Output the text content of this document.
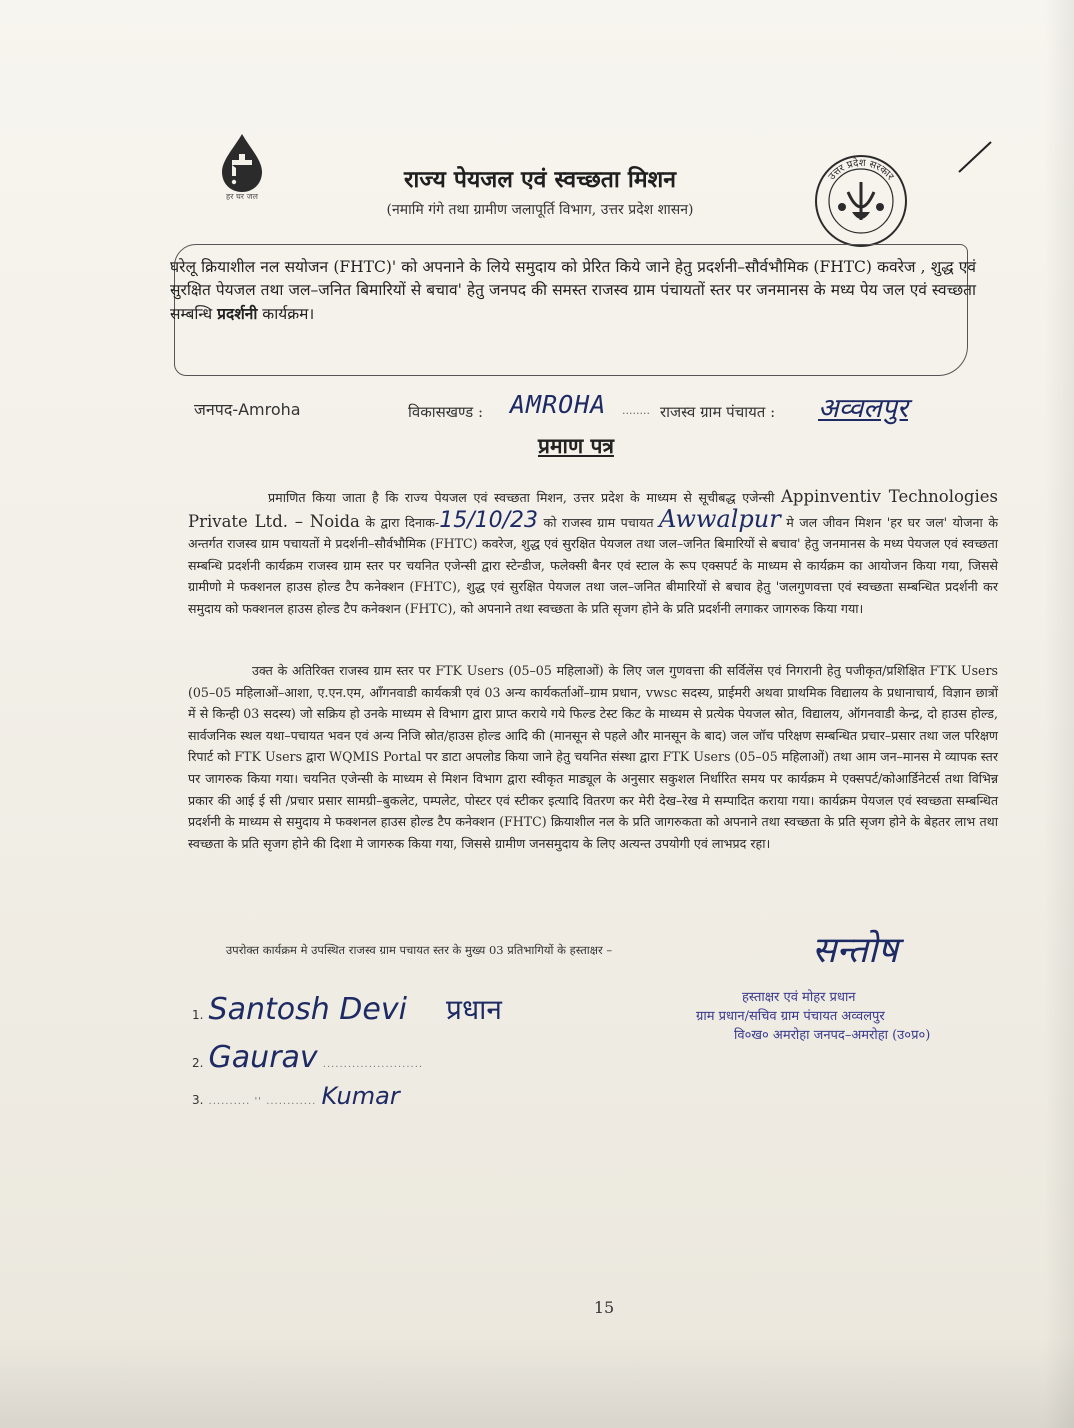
हर घर जल
राज्य पेयजल एवं स्वच्छता मिशन
(नमामि गंगे तथा ग्रामीण जलापूर्ति विभाग, उत्तर प्रदेश शासन)
उत्तर प्रदेश सरकार
घरेलू क्रियाशील नल सयोजन (FHTC)' को अपनाने के लिये समुदाय को प्रेरित किये जाने हेतु प्रदर्शनी–सौर्वभौमिक (FHTC) कवरेज , शुद्ध एवं सुरक्षित पेयजल तथा जल–जनित बिमारियों से बचाव' हेतु जनपद की समस्त राजस्व ग्राम पंचायतों स्तर पर जनमानस के मध्य पेय जल एवं स्वच्छता सम्बन्धि प्रदर्शनी कार्यक्रम।
जनपद-Amroha	विकासखण्ड : AMROHA ........ राजस्व ग्राम पंचायत : अव्वलपुर
प्रमाण पत्र
प्रमाणित किया जाता है कि राज्य पेयजल एवं स्वच्छता मिशन, उत्तर प्रदेश के माध्यम से सूचीबद्ध एजेन्सी Appinventiv Technologies Private Ltd. – Noida के द्वारा दिनाक-15/10/23 को राजस्व ग्राम पचायत Awwalpur मे जल जीवन मिशन 'हर घर जल' योजना के अन्तर्गत राजस्व ग्राम पचायतों मे प्रदर्शनी–सौर्वभौमिक (FHTC) कवरेज, शुद्ध एवं सुरक्षित पेयजल तथा जल–जनित बिमारियों से बचाव' हेतु जनमानस के मध्य पेयजल एवं स्वच्छता सम्बन्धि प्रदर्शनी कार्यक्रम राजस्व ग्राम स्तर पर चयनित एजेन्सी द्वारा स्टेन्डीज, फलेक्सी बैनर एवं स्टाल के रूप एक्सपर्ट के माध्यम से कार्यक्रम का आयोजन किया गया, जिससे ग्रामीणो मे फक्शनल हाउस होल्ड टैप कनेक्शन (FHTC), शुद्ध एवं सुरक्षित पेयजल तथा जल–जनित बीमारियों से बचाव हेतु 'जलगुणवत्ता एवं स्वच्छता सम्बन्धित प्रदर्शनी कर समुदाय को फक्शनल हाउस होल्ड टैप कनेक्शन (FHTC), को अपनाने तथा स्वच्छता के प्रति सृजग होने के प्रति प्रदर्शनी लगाकर जागरुक किया गया।
उक्त के अतिरिक्त राजस्व ग्राम स्तर पर FTK Users (05–05 महिलाओं) के लिए जल गुणवत्ता की सर्विलेंस एवं निगरानी हेतु पजीकृत/प्रशिक्षित FTK Users (05–05 महिलाओं–आशा, ए.एन.एम, आँगनवाडी कार्यकत्री एवं 03 अन्य कार्यकर्ताओं–ग्राम प्रधान, vwsc सदस्य, प्राईमरी अथवा प्राथमिक विद्यालय के प्रधानाचार्य, विज्ञान छात्रों में से किन्ही 03 सदस्य) जो सक्रिय हो उनके माध्यम से विभाग द्वारा प्राप्त कराये गये फिल्ड टेस्ट किट के माध्यम से प्रत्येक पेयजल स्रोत, विद्यालय, ऑगनवाडी केन्द्र, दो हाउस होल्ड, सार्वजनिक स्थल यथा–पचायत भवन एवं अन्य निजि स्रोत/हाउस होल्ड आदि की (मानसून से पहले और मानसून के बाद) जल जॉच परिक्षण सम्बन्धित प्रचार–प्रसार तथा जल परिक्षण रिपार्ट को FTK Users द्वारा WQMIS Portal पर डाटा अपलोड किया जाने हेतु चयनित संस्था द्वारा FTK Users (05–05 महिलाओं) तथा आम जन–मानस मे व्यापक स्तर पर जागरुक किया गया। चयनित एजेन्सी के माध्यम से मिशन विभाग द्वारा स्वीकृत माड्यूल के अनुसार सकुशल निर्धारित समय पर कार्यक्रम मे एक्सपर्ट/कोआर्डिनेटर्स तथा विभिन्न प्रकार की आई ई सी /प्रचार प्रसार सामग्री–बुकलेट, पम्पलेट, पोस्टर एवं स्टीकर इत्यादि वितरण कर मेरी देख–रेख मे सम्पादित कराया गया। कार्यक्रम पेयजल एवं स्वच्छता सम्बन्धित प्रदर्शनी के माध्यम से समुदाय मे फक्शनल हाउस होल्ड टैप कनेक्शन (FHTC) क्रियाशील नल के प्रति जागरुकता को अपनाने तथा स्वच्छता के प्रति सृजग होने के बेहतर लाभ तथा स्वच्छता के प्रति सृजग होने की दिशा मे जागरुक किया गया, जिससे ग्रामीण जनसमुदाय के लिए अत्यन्त उपयोगी एवं लाभप्रद रहा।
उपरोक्त कार्यक्रम मे उपस्थित राजस्व ग्राम पचायत स्तर के मुख्य 03 प्रतिभागियों के हस्ताक्षर –
1. Santosh Devi प्रधान
2. Gaurav ........................
3. .......... '' ............ Kumar
सन्तोष
हस्ताक्षर एवं मोहर प्रधान
ग्राम प्रधान/सचिव ग्राम पंचायत अव्वलपुर
वि०ख० अमरोहा जनपद–अमरोहा (उ०प्र०)
15
